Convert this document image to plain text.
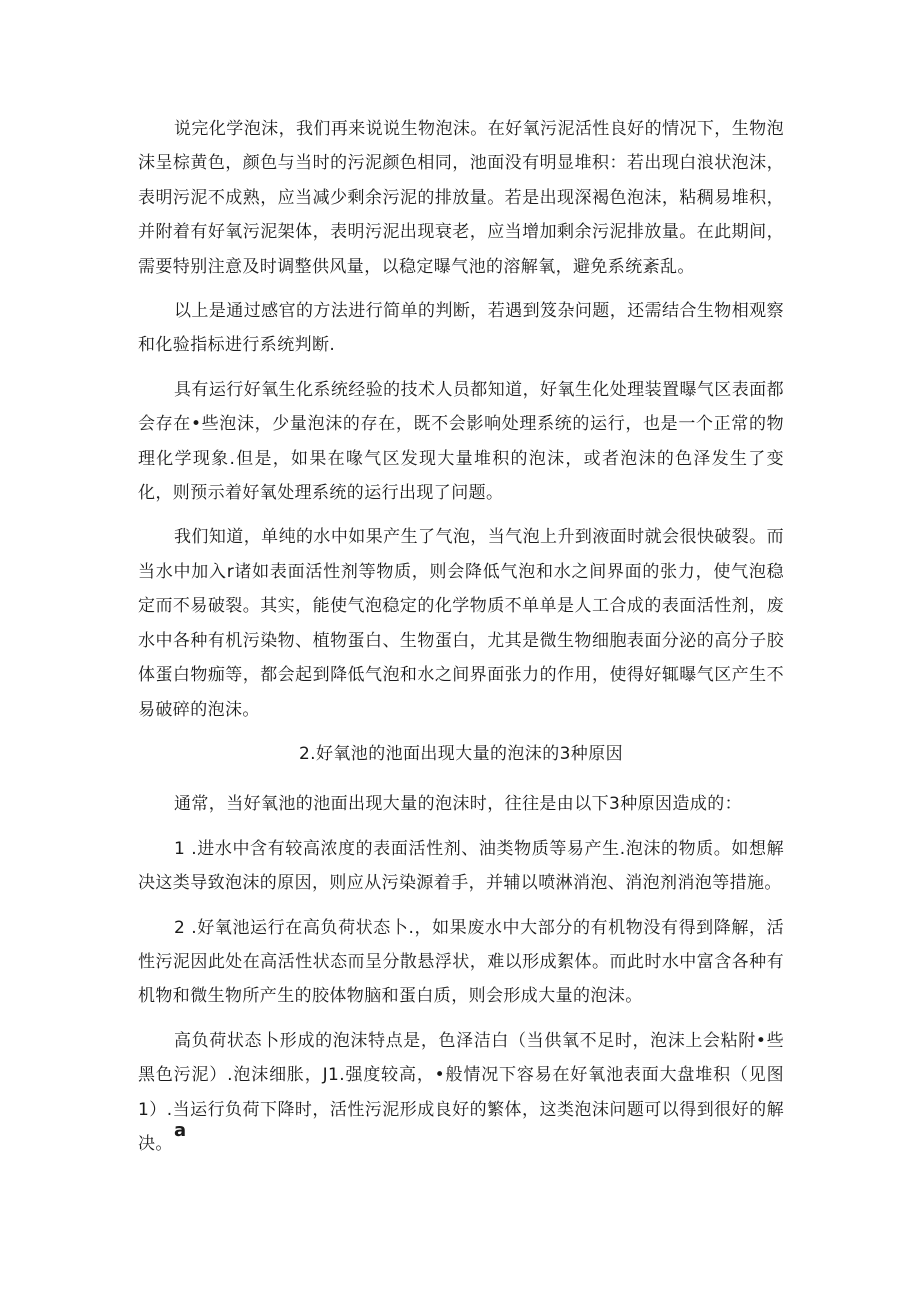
说完化学泡沫，我们再来说说生物泡沫。在好氧污泥活性良好的情况下，生物泡沫呈棕黄色，颜色与当时的污泥颜色相同，池面没有明显堆积：若出现白浪状泡沫，表明污泥不成熟，应当减少剩余污泥的排放量。若是出现深褐色泡沫，粘稠易堆积，并附着有好氧污泥架体，表明污泥出现衰老，应当增加剩余污泥排放量。在此期间，需要特别注意及时调整供风量，以稳定曝气池的溶解氧，避免系统紊乱。

以上是通过感官的方法进行简单的判断，若遇到笈杂问题，还需结合生物相观察和化验指标进行系统判断.

具有运行好氧生化系统经验的技术人员都知道，好氧生化处理装置曝气区表面都会存在•些泡沫，少量泡沫的存在，既不会影响处理系统的运行，也是一个正常的物理化学现象.但是，如果在喙气区发现大量堆积的泡沫，或者泡沫的色泽发生了变化，则预示着好氧处理系统的运行出现了问题。

我们知道，单纯的水中如果产生了气泡，当气泡上升到液面时就会很快破裂。而当水中加入r诸如表面活性剂等物质，则会降低气泡和水之间界面的张力，使气泡稳定而不易破裂。其实，能使气泡稳定的化学物质不单单是人工合成的表面活性剂，废水中各种有机污染物、植物蛋白、生物蛋白，尤其是微生物细胞表面分泌的高分子胶体蛋白物痂等，都会起到降低气泡和水之间界面张力的作用，使得好辄曝气区产生不易破碎的泡沫。

2.好氧池的池面出现大量的泡沫的3种原因

通常，当好氧池的池面出现大量的泡沫时，往往是由以下3种原因造成的：

1 .进水中含有较高浓度的表面活性剂、油类物质等易产生.泡沫的物质。如想解决这类导致泡沫的原因，则应从污染源着手，并辅以喷淋消泡、消泡剂消泡等措施。

2 .好氧池运行在高负荷状态卜.，如果废水中大部分的有机物没有得到降解，活性污泥因此处在高活性状态而呈分散悬浮状，难以形成絮体。而此时水中富含各种有机物和微生物所产生的胶体物脑和蛋白质，则会形成大量的泡沫。

高负荷状态卜形成的泡沫特点是，色泽洁白（当供氧不足时，泡沫上会粘附•些黑色污泥）.泡沫细胀，J1.强度较高，•般情况下容易在好氧池表面大盘堆积（见图1）.当运行负荷下降时，活性污泥形成良好的繁体，这类泡沫问题可以得到很好的解决。

a
